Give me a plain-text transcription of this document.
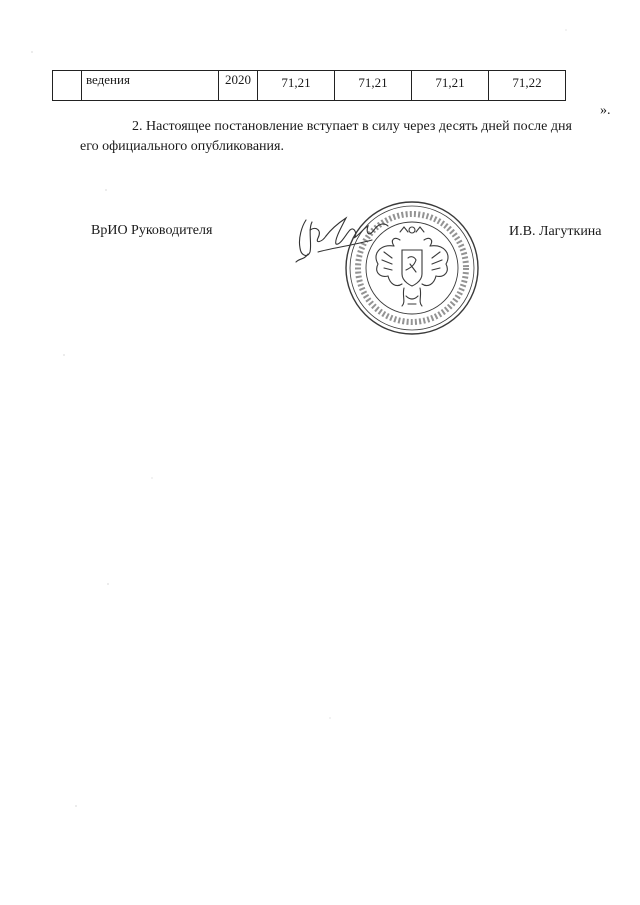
	ведения	2020	71,21	71,21	71,21	71,22
».
2. Настоящее постановление вступает в силу через десять дней после дня
его официального опубликования.
ВрИО Руководителя	И.В. Лагуткина
